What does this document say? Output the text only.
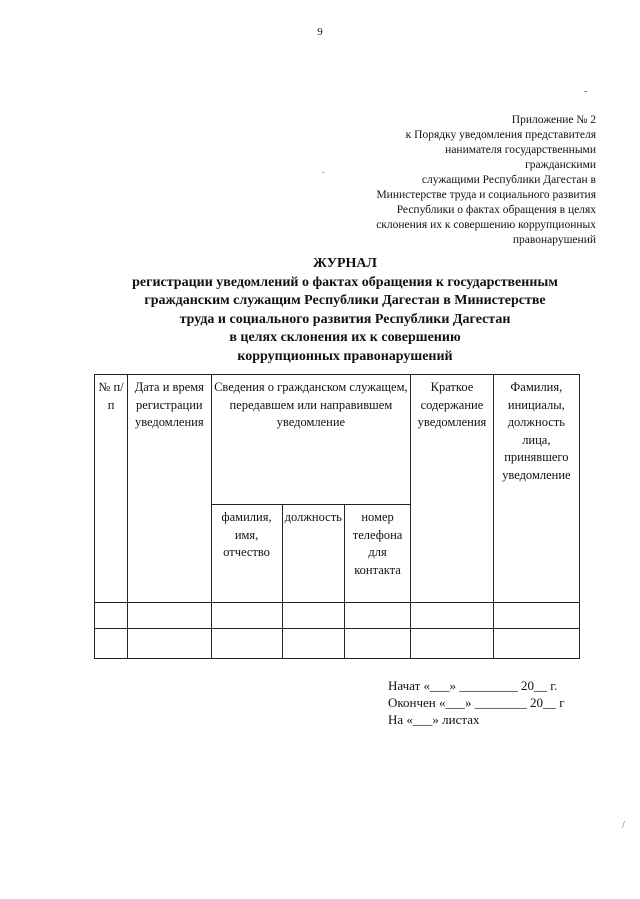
9
Приложение № 2
к Порядку уведомления представителя
нанимателя государственными
гражданскими
служащими Республики Дагестан в
Министерстве труда и социального развития
Республики о фактах обращения в целях
склонения их к совершению коррупционных
правонарушений
ЖУРНАЛ
регистрации уведомлений о фактах обращения к государственным
гражданским служащим Республики Дагестан в Министерстве
труда и социального развития Республики Дагестан
в целях склонения их к совершению
коррупционных правонарушений
№ п/п	Дата и время регистрации уведомления	Сведения о гражданском служащем, передавшем или направившем уведомление			Краткое содержание уведомления	Фамилия, инициалы, должность лица, принявшего уведомление
		фамилия, имя, отчество	должность	номер телефона для контакта		

Начат «___» _________ 20__ г.
Окончен «___» ________ 20__ г
На «___» листах
-
.
/
